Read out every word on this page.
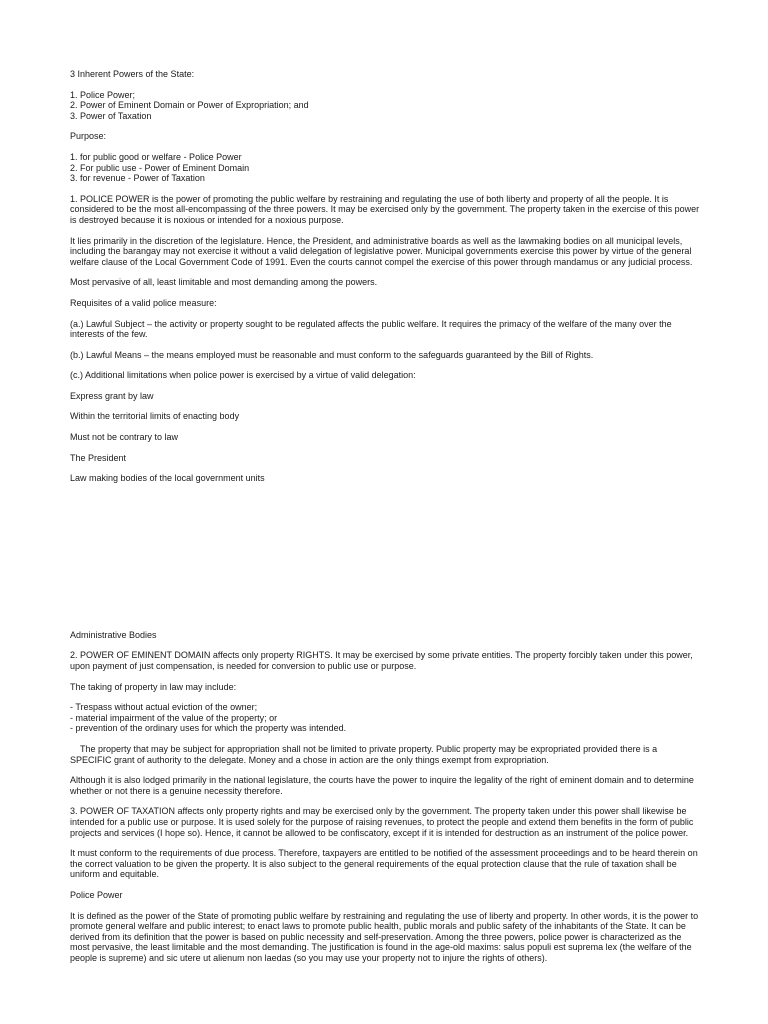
3 Inherent Powers of the State:

1. Police Power;
2. Power of Eminent Domain or Power of Expropriation; and
3. Power of Taxation

Purpose:

1. for public good or welfare - Police Power
2. For public use - Power of Eminent Domain
3. for revenue - Power of Taxation

1. POLICE POWER is the power of promoting the public welfare by restraining and regulating the use of both liberty and property of all the people. It is considered to be the most all-encompassing of the three powers. It may be exercised only by the government. The property taken in the exercise of this power is destroyed because it is noxious or intended for a noxious purpose.

It lies primarily in the discretion of the legislature. Hence, the President, and administrative boards as well as the lawmaking bodies on all municipal levels, including the barangay may not exercise it without a valid delegation of legislative power. Municipal governments exercise this power by virtue of the general welfare clause of the Local Government Code of 1991. Even the courts cannot compel the exercise of this power through mandamus or any judicial process.

Most pervasive of all, least limitable and most demanding among the powers.

Requisites of a valid police measure:

(a.) Lawful Subject – the activity or property sought to be regulated affects the public welfare. It requires the primacy of the welfare of the many over the interests of the few.

(b.) Lawful Means – the means employed must be reasonable and must conform to the safeguards guaranteed by the Bill of Rights.

(c.) Additional limitations when police power is exercised by a virtue of valid delegation:

Express grant by law

Within the territorial limits of enacting body

Must not be contrary to law

The President

Law making bodies of the local government units

Administrative Bodies

2. POWER OF EMINENT DOMAIN affects only property RIGHTS. It may be exercised by some private entities. The property forcibly taken under this power, upon payment of just compensation, is needed for conversion to public use or purpose.

The taking of property in law may include:

- Trespass without actual eviction of the owner;
- material impairment of the value of the property; or
- prevention of the ordinary uses for which the property was intended.

The property that may be subject for appropriation shall not be limited to private property. Public property may be expropriated provided there is a SPECIFIC grant of authority to the delegate. Money and a chose in action are the only things exempt from expropriation.

Although it is also lodged primarily in the national legislature, the courts have the power to inquire the legality of the right of eminent domain and to determine whether or not there is a genuine necessity therefore.

3. POWER OF TAXATION affects only property rights and may be exercised only by the government. The property taken under this power shall likewise be intended for a public use or purpose. It is used solely for the purpose of raising revenues, to protect the people and extend them benefits in the form of public projects and services (I hope so). Hence, it cannot be allowed to be confiscatory, except if it is intended for destruction as an instrument of the police power.

It must conform to the requirements of due process. Therefore, taxpayers are entitled to be notified of the assessment proceedings and to be heard therein on the correct valuation to be given the property. It is also subject to the general requirements of the equal protection clause that the rule of taxation shall be uniform and equitable.

Police Power

It is defined as the power of the State of promoting public welfare by restraining and regulating the use of liberty and property. In other words, it is the power to promote general welfare and public interest; to enact laws to promote public health, public morals and public safety of the inhabitants of the State. It can be derived from its definition that the power is based on public necessity and self-preservation. Among the three powers, police power is characterized as the most pervasive, the least limitable and the most demanding. The justification is found in the age-old maxims: salus populi est suprema lex (the welfare of the people is supreme) and sic utere ut alienum non laedas (so you may use your property not to injure the rights of others).
